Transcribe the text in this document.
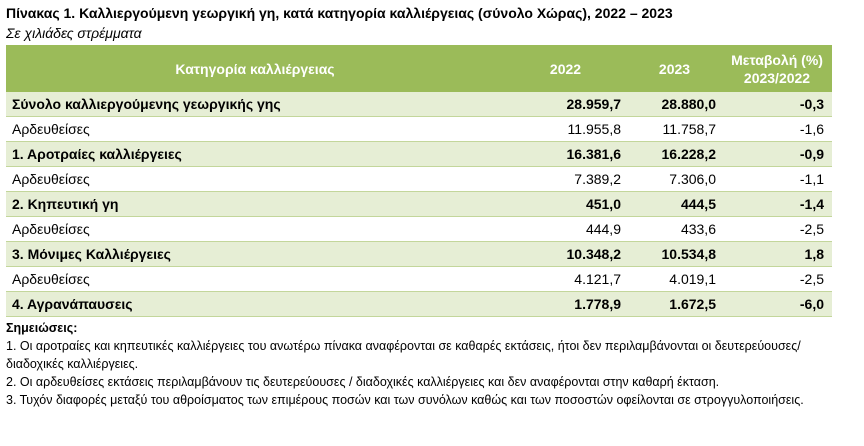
Πίνακας 1. Καλλιεργούμενη γεωργική γη, κατά κατηγορία καλλιέργειας (σύνολο Χώρας), 2022 – 2023
Σε χιλιάδες στρέμματα
Κατηγορία καλλιέργειας	2022	2023	Μεταβολή (%)
2023/2022

Σύνολο καλλιεργούμενης γεωργικής γης	28.959,7	28.880,0	-0,3
Αρδευθείσες	11.955,8	11.758,7	-1,6
1. Αροτραίες καλλιέργειες	16.381,6	16.228,2	-0,9
Αρδευθείσες	7.389,2	7.306,0	-1,1
2. Κηπευτική γη	451,0	444,5	-1,4
Αρδευθείσες	444,9	433,6	-2,5
3. Μόνιμες Καλλιέργειες	10.348,2	10.534,8	1,8
Αρδευθείσες	4.121,7	4.019,1	-2,5
4. Αγρανάπαυσεις	1.778,9	1.672,5	-6,0
Σημειώσεις:
1. Οι αροτραίες και κηπευτικές καλλιέργειες του ανωτέρω πίνακα αναφέρονται σε καθαρές εκτάσεις, ήτοι δεν περιλαμβάνονται οι δευτερεύουσες/διαδοχικές καλλιέργειες.
2. Οι αρδευθείσες εκτάσεις περιλαμβάνουν τις δευτερεύουσες / διαδοχικές καλλιέργειες και δεν αναφέρονται στην καθαρή έκταση.
3. Τυχόν διαφορές μεταξύ του αθροίσματος των επιμέρους ποσών και των συνόλων καθώς και των ποσοστών οφείλονται σε στρογγυλοποιήσεις.
